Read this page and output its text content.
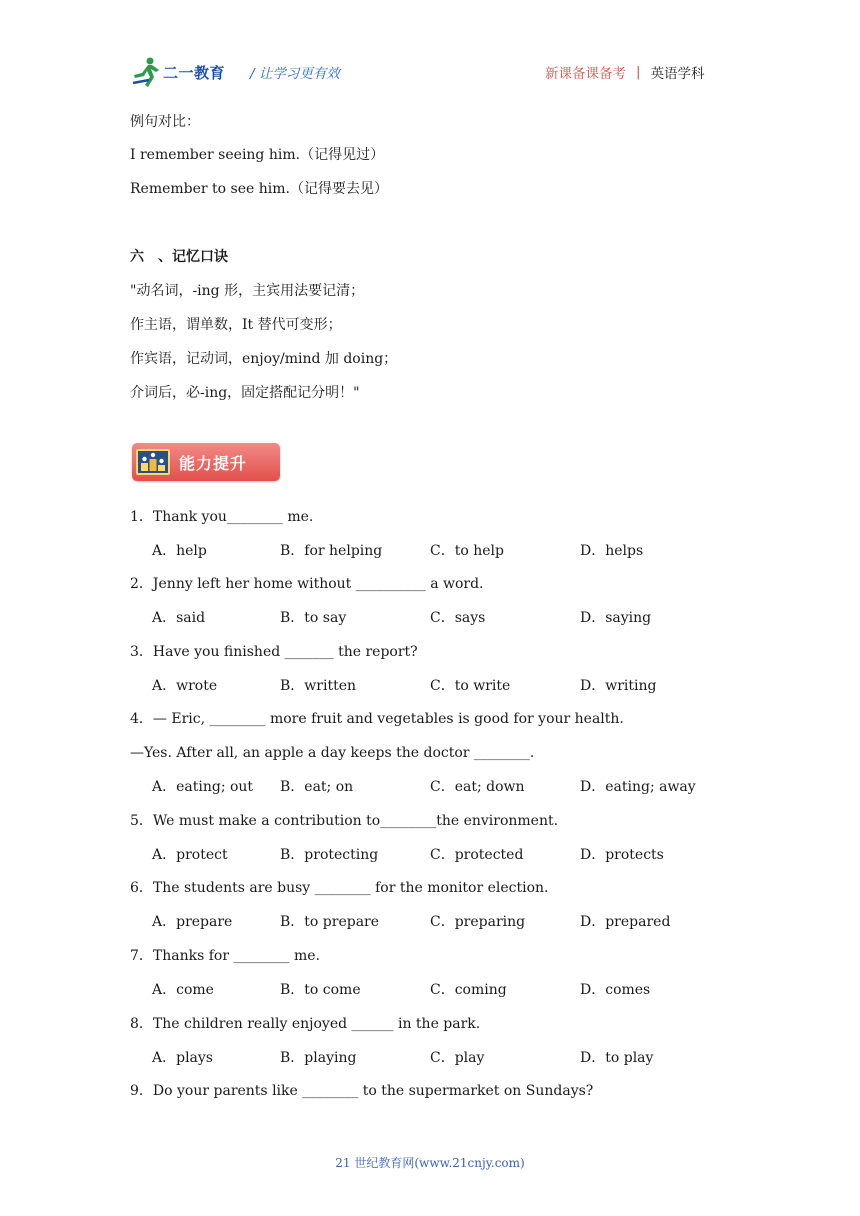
二一教育 / 让学习更有效	新课备课备考 | 英语学科
例句对比：
I remember seeing him.（记得见过）
Remember to see him.（记得要去见）
六　、记忆口诀
"动名词，-ing 形，主宾用法要记清；
作主语，谓单数，It 替代可变形；
作宾语，记动词，enjoy/mind 加 doing；
介词后，必-ing，固定搭配记分明！"
能力提升
1．Thank you________ me.
A．help	B．for helping	C．to help	D．helps
2．Jenny left her home without __________ a word.
A．said	B．to say	C．says	D．saying
3．Have you finished _______ the report?
A．wrote	B．written	C．to write	D．writing
4．— Eric, ________ more fruit and vegetables is good for your health.
—Yes. After all, an apple a day keeps the doctor ________.
A．eating; out B．eat; on	C．eat; down	D．eating; away
5．We must make a contribution to________the environment.
A．protect	B．protecting	C．protected	D．protects
6．The students are busy ________ for the monitor election.
A．prepare	B．to prepare	C．preparing	D．prepared
7．Thanks for ________ me.
A．come	B．to come	C．coming	D．comes
8．The children really enjoyed ______ in the park.
A．plays	B．playing	C．play	D．to play
9．Do your parents like ________ to the supermarket on Sundays?
21 世纪教育网(www.21cnjy.com)
